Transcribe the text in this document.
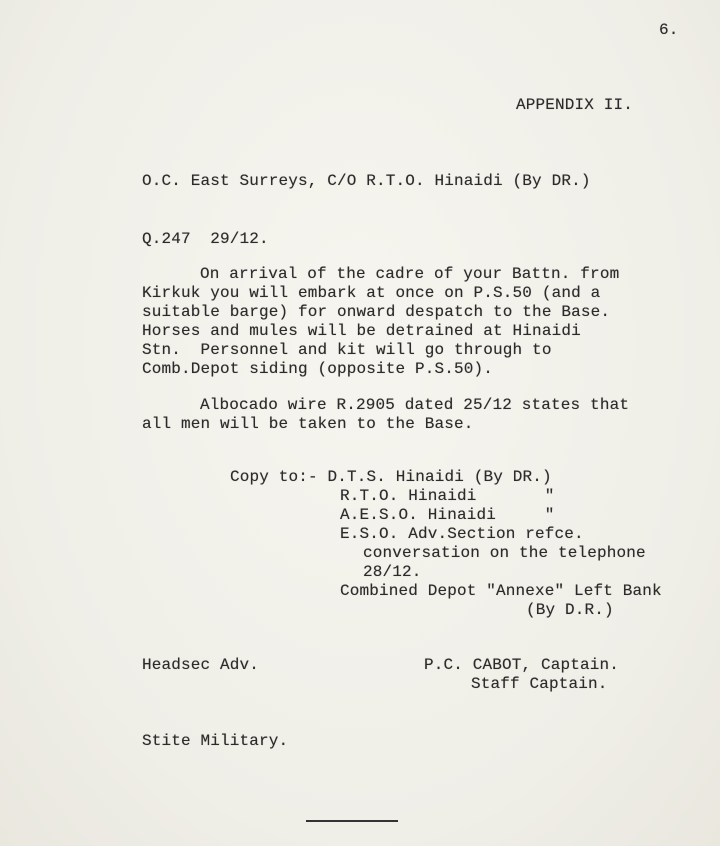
6.

APPENDIX II.

O.C. East Surreys, C/O R.T.O. Hinaidi (By DR.)

Q.247  29/12.

On arrival of the cadre of your Battn. from

Kirkuk you will embark at once on P.S.50 (and a

suitable barge) for onward despatch to the Base.

Horses and mules will be detrained at Hinaidi

Stn.  Personnel and kit will go through to

Comb.Depot siding (opposite P.S.50).

Albocado wire R.2905 dated 25/12 states that

all men will be taken to the Base.

Copy to:- D.T.S. Hinaidi (By DR.)

R.T.O. Hinaidi       "

A.E.S.O. Hinaidi     "

E.S.O. Adv.Section refce.

conversation on the telephone

28/12.

Combined Depot "Annexe" Left Bank

(By D.R.)

Headsec Adv.	P.C. CABOT, Captain.

Staff Captain.

Stite Military.
